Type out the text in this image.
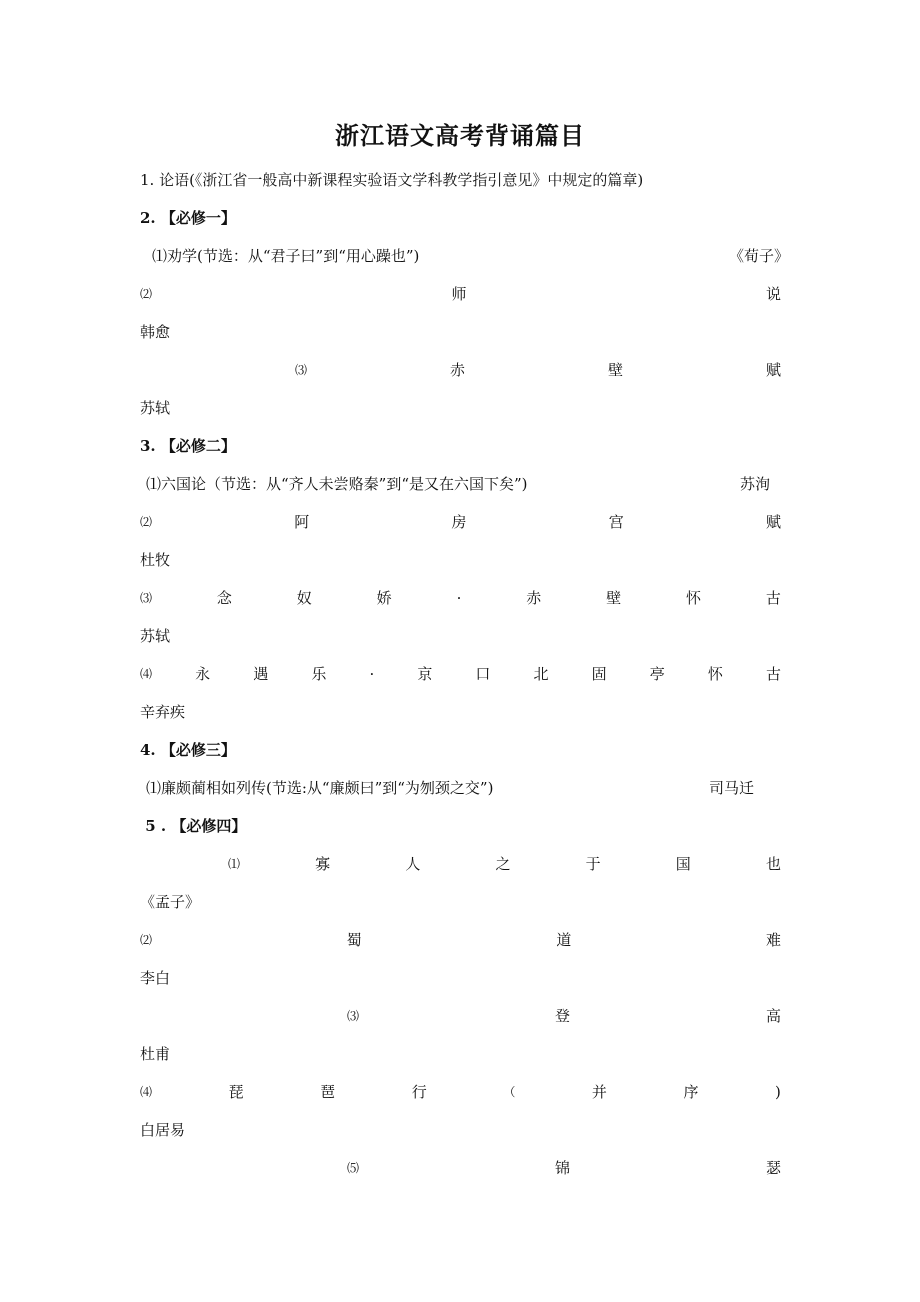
浙江语文高考背诵篇目
1. 论语(《浙江省一般高中新课程实验语文学科教学指引意见》中规定的篇章)
2. 【必修一】
⑴劝学(节选：从“君子曰”到“用心躁也”)	《荀子》
⑵	师	说
韩愈
⑶	赤	壁	赋
苏轼
3. 【必修二】
⑴六国论（节选：从“齐人未尝赂秦”到“是又在六国下矣”)	苏洵
⑵	阿	房	宫	赋
杜牧
⑶	念	奴	娇	·	赤	壁	怀	古
苏轼
⑷	永	遇	乐	·	京	口	北	固	亭	怀	古
辛弃疾
4. 【必修三】
⑴廉颇蔺相如列传(节选:从“廉颇曰”到“为刎颈之交”)	司马迁
5 . 【必修四】
⑴	寡	人	之	于	国	也
《孟子》
⑵	蜀	道	难
李白
⑶	登	高
杜甫
⑷	琵	琶	行	（	并	序	)
白居易
⑸	锦	瑟
